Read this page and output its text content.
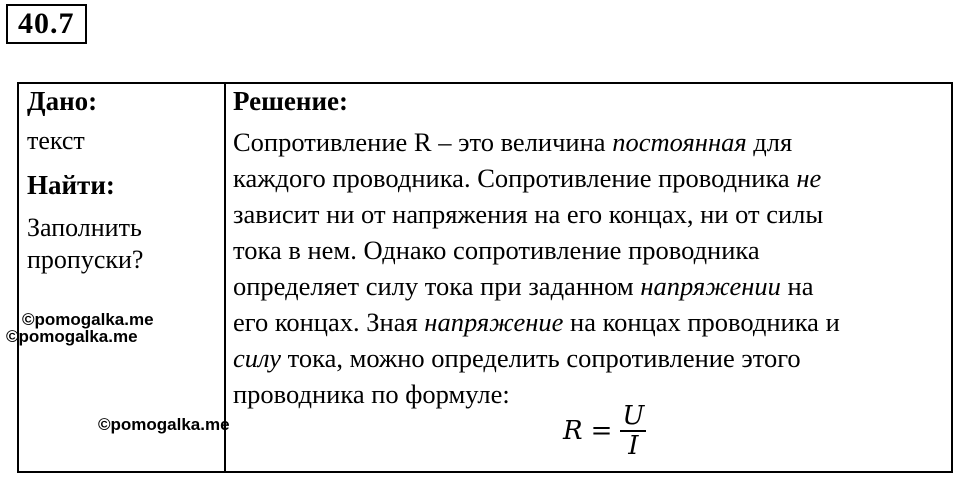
40.7
Дано:
текст
Найти:
Заполнить
пропуски?
Решение:
Сопротивление R – это величина постоянная для
каждого проводника. Сопротивление проводника не
зависит ни от напряжения на его концах, ни от силы
тока в нем. Однако сопротивление проводника
определяет силу тока при заданном напряжении на
его концах. Зная напряжение на концах проводника и
силу тока, можно определить сопротивление этого
проводника по формуле:
$R = \frac{U}{I}$
©pomogalka.me
©pomogalka.me
©pomogalka.me
